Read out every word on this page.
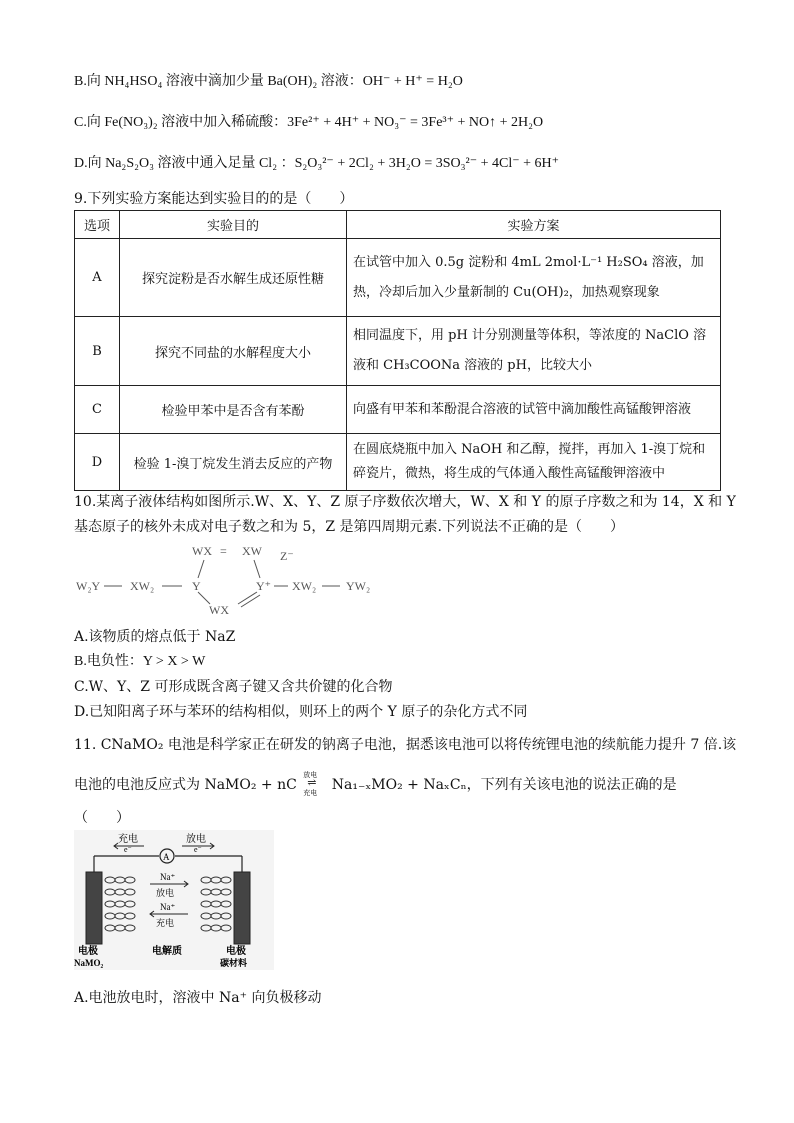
B.向 NH₄HSO₄ 溶液中滴加少量 Ba(OH)₂ 溶液：OH⁻ + H⁺ = H₂O
C.向 Fe(NO₃)₂ 溶液中加入稀硫酸：3Fe²⁺ + 4H⁺ + NO₃⁻ = 3Fe³⁺ + NO↑ + 2H₂O
D.向 Na₂S₂O₃ 溶液中通入足量 Cl₂ ：S₂O₃²⁻ + 2Cl₂ + 3H₂O = 3SO₃²⁻ + 4Cl⁻ + 6H⁺
9.下列实验方案能达到实验目的的是（　　）
选项	实验目的	实验方案
A	探究淀粉是否水解生成还原性糖	在试管中加入 0.5g 淀粉和 4mL 2mol·L⁻¹ H₂SO₄ 溶液，加热，冷却后加入少量新制的 Cu(OH)₂，加热观察现象
B	探究不同盐的水解程度大小	相同温度下，用 pH 计分别测量等体积，等浓度的 NaClO 溶液和 CH₃COONa 溶液的 pH，比较大小
C	检验甲苯中是否含有苯酚	向盛有甲苯和苯酚混合溶液的试管中滴加酸性高锰酸钾溶液
D	检验 1-溴丁烷发生消去反应的产物	在圆底烧瓶中加入 NaOH 和乙醇，搅拌，再加入 1-溴丁烷和碎瓷片，微热，将生成的气体通入酸性高锰酸钾溶液中
10.某离子液体结构如图所示.W、X、Y、Z 原子序数依次增大，W、X 和 Y 的原子序数之和为 14，X 和 Y
基态原子的核外未成对电子数之和为 5，Z 是第四周期元素.下列说法不正确的是（　　）
WX = XW Z⁻
W₂Y XW₂	Y	Y⁺ XW₂ YW₂
WX
A.该物质的熔点低于 NaZ
B.电负性：Y > X > W
C.W、Y、Z 可形成既含离子键又含共价键的化合物
D.已知阳离子环与苯环的结构相似，则环上的两个 Y 原子的杂化方式不同
11. CNaMO₂ 电池是科学家正在研发的钠离子电池，据悉该电池可以将传统锂电池的续航能力提升 7 倍.该
电池的电池反应式为 NaMO₂ + nC
放电
⇌
充电 Na₁₋ₓMO₂ + NaₓCₙ，下列有关该电池的说法正确的是
（　　）
A
充电
e⁻
放电
e⁻
Na⁺
放电
Na⁺
充电
电极
NaMO₂
电解质	电极
碳材料
A.电池放电时，溶液中 Na⁺ 向负极移动
